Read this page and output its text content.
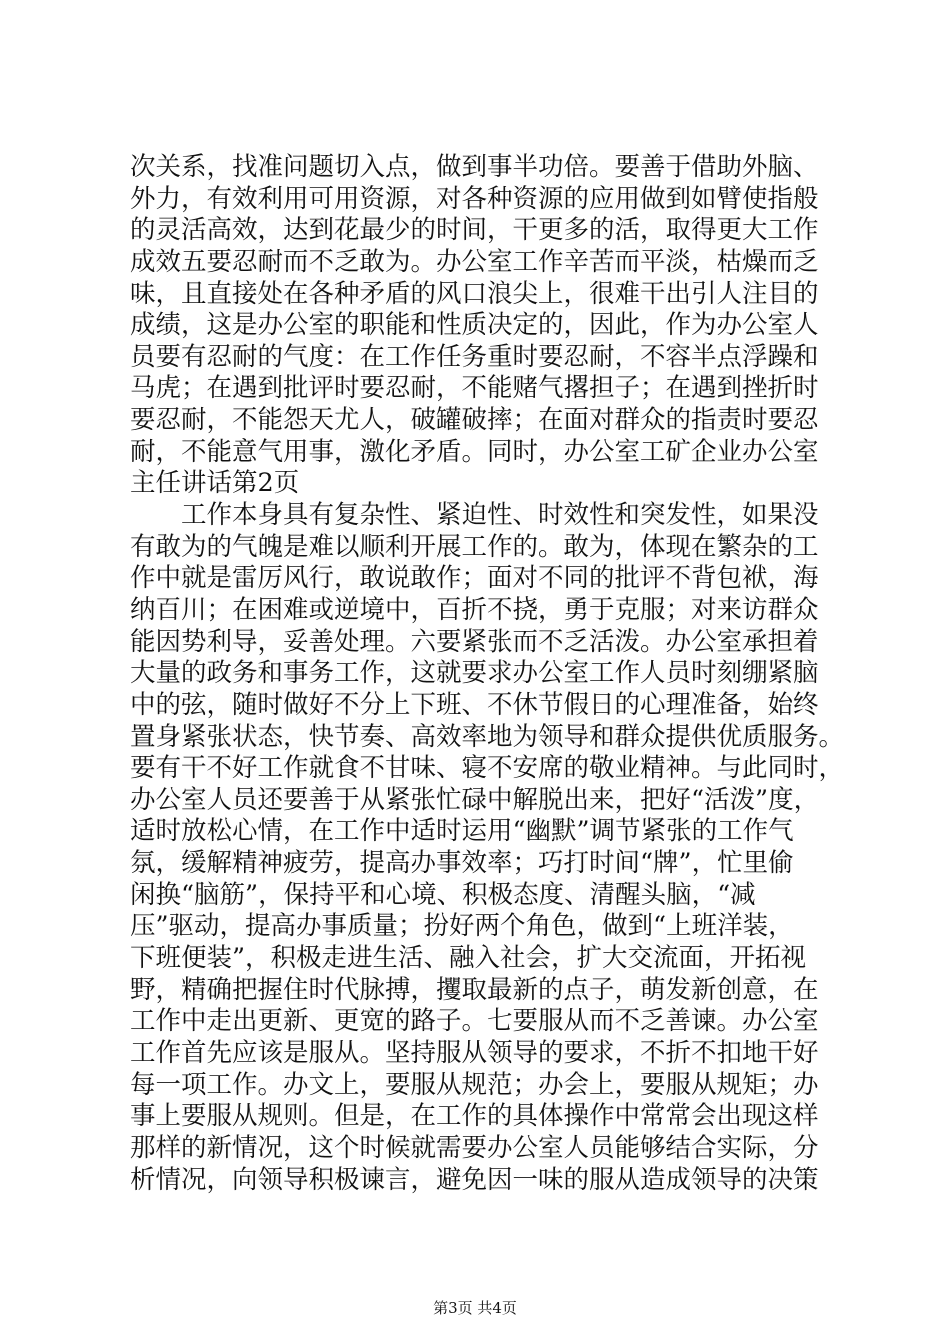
次关系，找准问题切入点，做到事半功倍。要善于借助外脑、
外力，有效利用可用资源，对各种资源的应用做到如臂使指般
的灵活高效，达到花最少的时间，干更多的活，取得更大工作
成效五要忍耐而不乏敢为。办公室工作辛苦而平淡，枯燥而乏
味，且直接处在各种矛盾的风口浪尖上，很难干出引人注目的
成绩，这是办公室的职能和性质决定的，因此，作为办公室人
员要有忍耐的气度：在工作任务重时要忍耐，不容半点浮躁和
马虎；在遇到批评时要忍耐，不能赌气撂担子；在遇到挫折时
要忍耐，不能怨天尤人，破罐破摔；在面对群众的指责时要忍
耐，不能意气用事，激化矛盾。同时，办公室工矿企业办公室
主任讲话第2页
　　工作本身具有复杂性、紧迫性、时效性和突发性，如果没
有敢为的气魄是难以顺利开展工作的。敢为，体现在繁杂的工
作中就是雷厉风行，敢说敢作；面对不同的批评不背包袱，海
纳百川；在困难或逆境中，百折不挠，勇于克服；对来访群众
能因势利导，妥善处理。六要紧张而不乏活泼。办公室承担着
大量的政务和事务工作，这就要求办公室工作人员时刻绷紧脑
中的弦，随时做好不分上下班、不休节假日的心理准备，始终
置身紧张状态，快节奏、高效率地为领导和群众提供优质服务。
要有干不好工作就食不甘味、寝不安席的敬业精神。与此同时，
办公室人员还要善于从紧张忙碌中解脱出来，把好“活泼”度，
适时放松心情，在工作中适时运用“幽默”调节紧张的工作气
氛，缓解精神疲劳，提高办事效率；巧打时间“牌”，忙里偷
闲换“脑筋”，保持平和心境、积极态度、清醒头脑，“减
压”驱动，提高办事质量；扮好两个角色，做到“上班洋装，
下班便装”，积极走进生活、融入社会，扩大交流面，开拓视
野，精确把握住时代脉搏，攫取最新的点子，萌发新创意，在
工作中走出更新、更宽的路子。七要服从而不乏善谏。办公室
工作首先应该是服从。坚持服从领导的要求，不折不扣地干好
每一项工作。办文上，要服从规范；办会上，要服从规矩；办
事上要服从规则。但是，在工作的具体操作中常常会出现这样
那样的新情况，这个时候就需要办公室人员能够结合实际，分
析情况，向领导积极谏言，避免因一味的服从造成领导的决策
第3页 共4页
